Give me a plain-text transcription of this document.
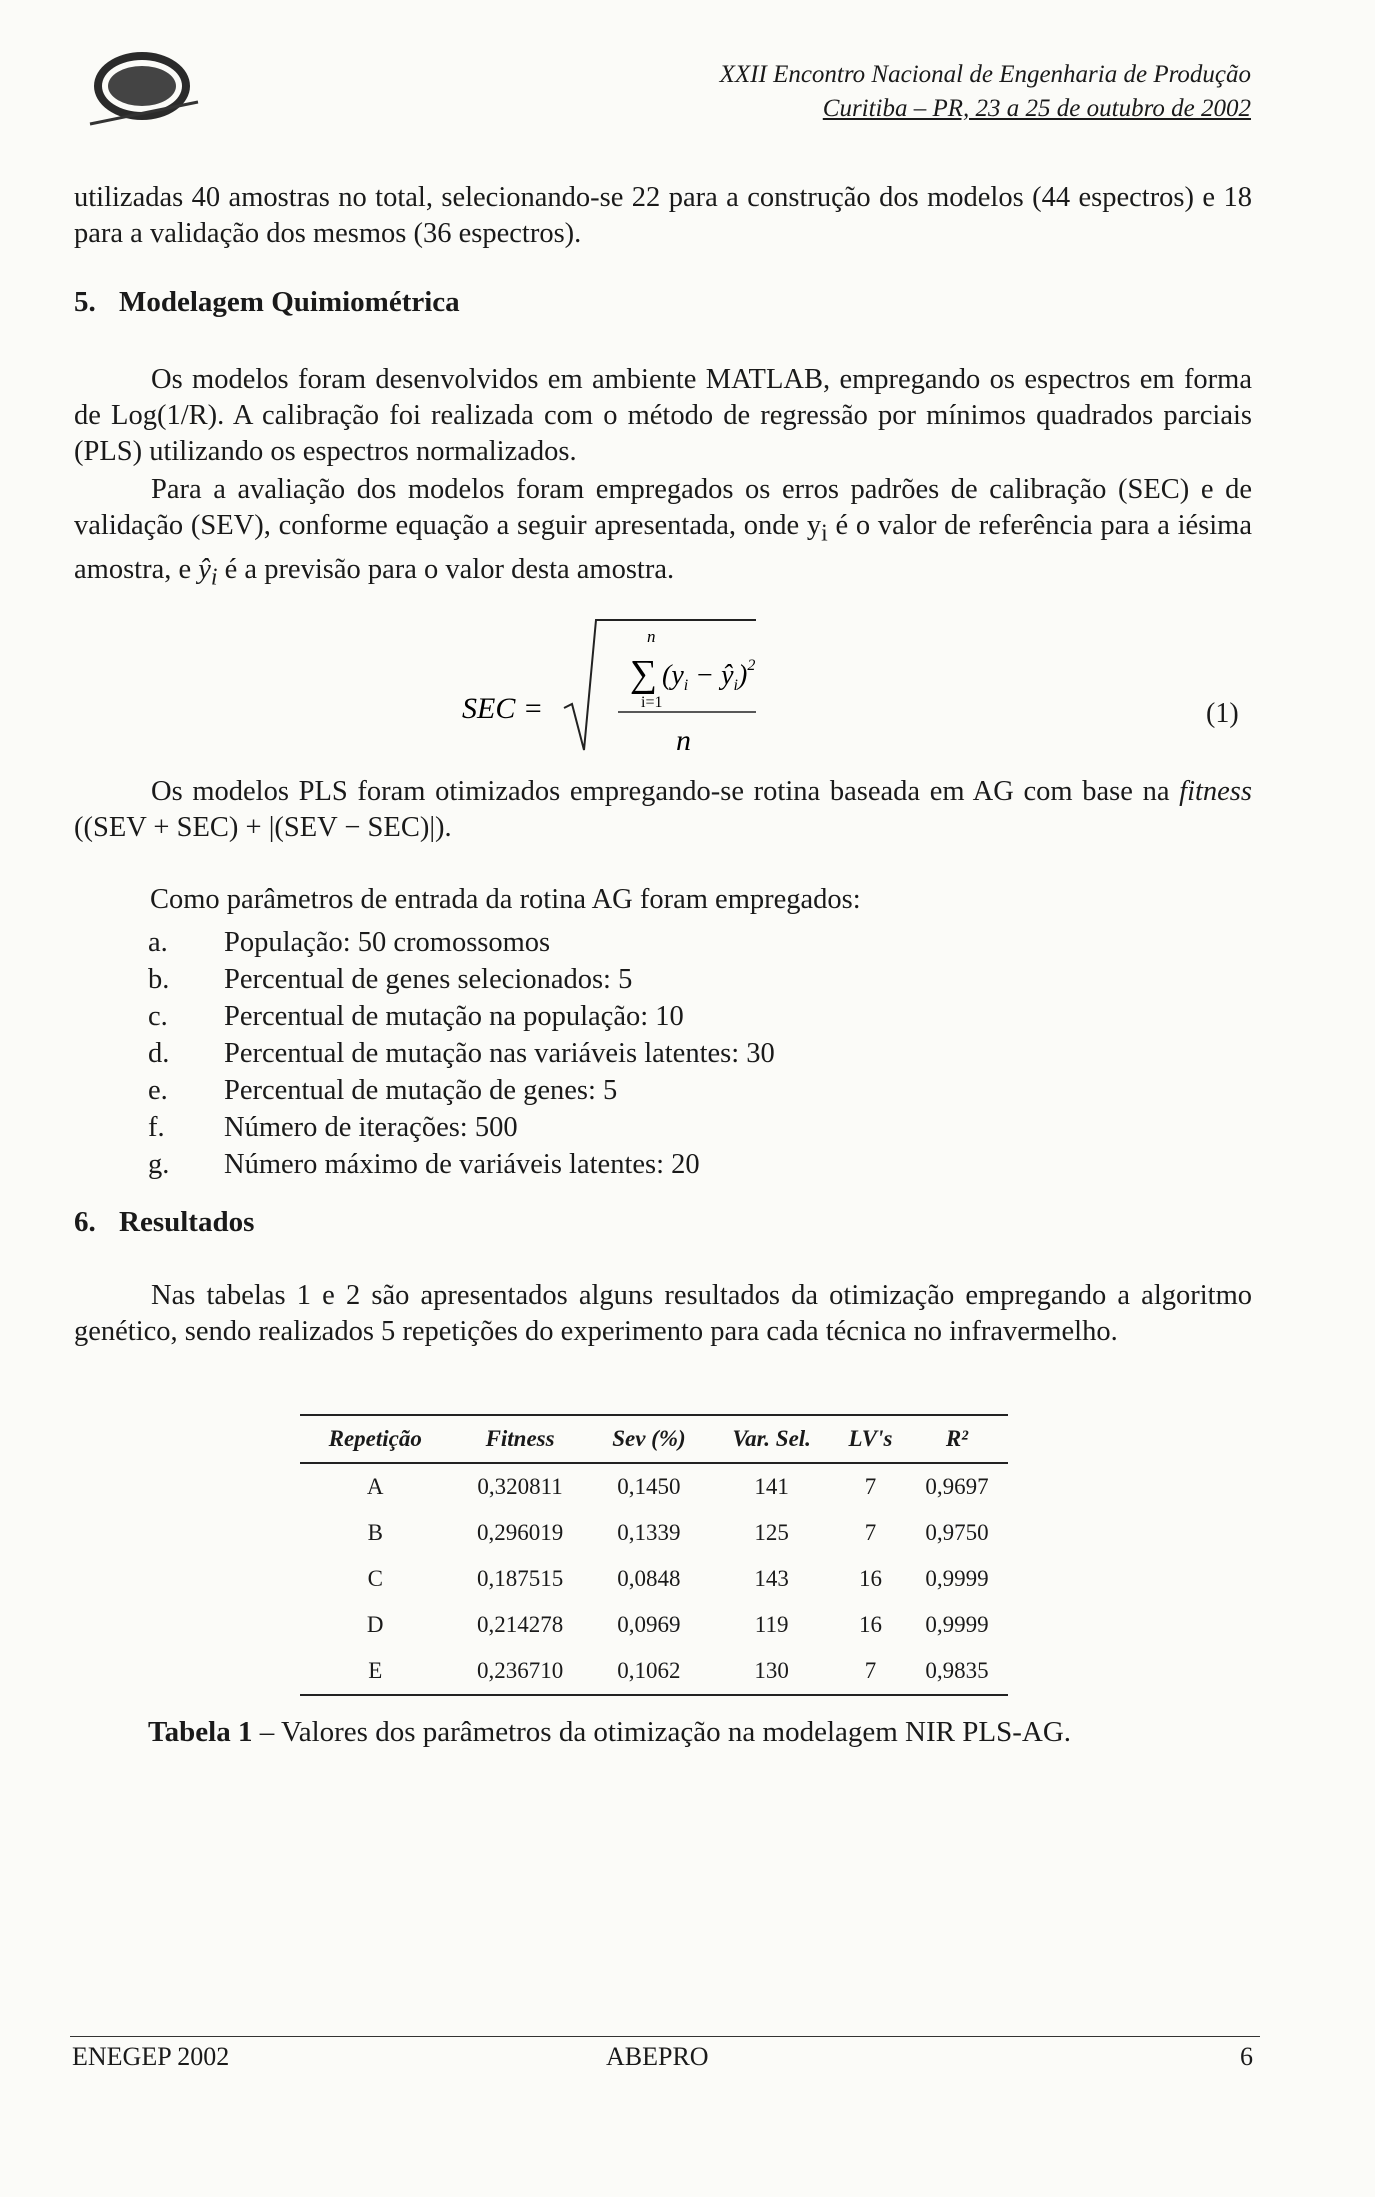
XXII Encontro Nacional de Engenharia de Produção
Curitiba – PR, 23 a 25 de outubro de 2002

utilizadas 40 amostras no total, selecionando-se 22 para a construção dos modelos (44 espectros) e 18 para a validação dos mesmos (36 espectros).

5. Modelagem Quimiométrica

Os modelos foram desenvolvidos em ambiente MATLAB, empregando os espectros em forma de Log(1/R). A calibração foi realizada com o método de regressão por mínimos quadrados parciais (PLS) utilizando os espectros normalizados.

Para a avaliação dos modelos foram empregados os erros padrões de calibração (SEC) e de validação (SEV), conforme equação a seguir apresentada, onde $y_i$ é o valor de referência para a iésima amostra, e $ŷ_i$ é a previsão para o valor desta amostra.

SEC =
n
∑
i=1
($y_i$ − $ŷ_i)^2$
n
(1)

Os modelos PLS foram otimizados empregando-se rotina baseada em AG com base na fitness ((SEV + SEC) + |(SEV − SEC)|).

Como parâmetros de entrada da rotina AG foram empregados:

a. População: 50 cromossomos
b. Percentual de genes selecionados: 5
c. Percentual de mutação na população: 10
d. Percentual de mutação nas variáveis latentes: 30
e. Percentual de mutação de genes: 5
f. Número de iterações: 500
g. Número máximo de variáveis latentes: 20
6. Resultados

Nas tabelas 1 e 2 são apresentados alguns resultados da otimização empregando a algoritmo genético, sendo realizados 5 repetições do experimento para cada técnica no infravermelho.

Repetição	Fitness	Sev (%)	Var. Sel.	LV's	R²
A	0,320811	0,1450	141	7	0,9697
B	0,296019	0,1339	125	7	0,9750
C	0,187515	0,0848	143	16	0,9999
D	0,214278	0,0969	119	16	0,9999
E	0,236710	0,1062	130	7	0,9835
Tabela 1 – Valores dos parâmetros da otimização na modelagem NIR PLS-AG.
ENEGEP 2002	ABEPRO	6
